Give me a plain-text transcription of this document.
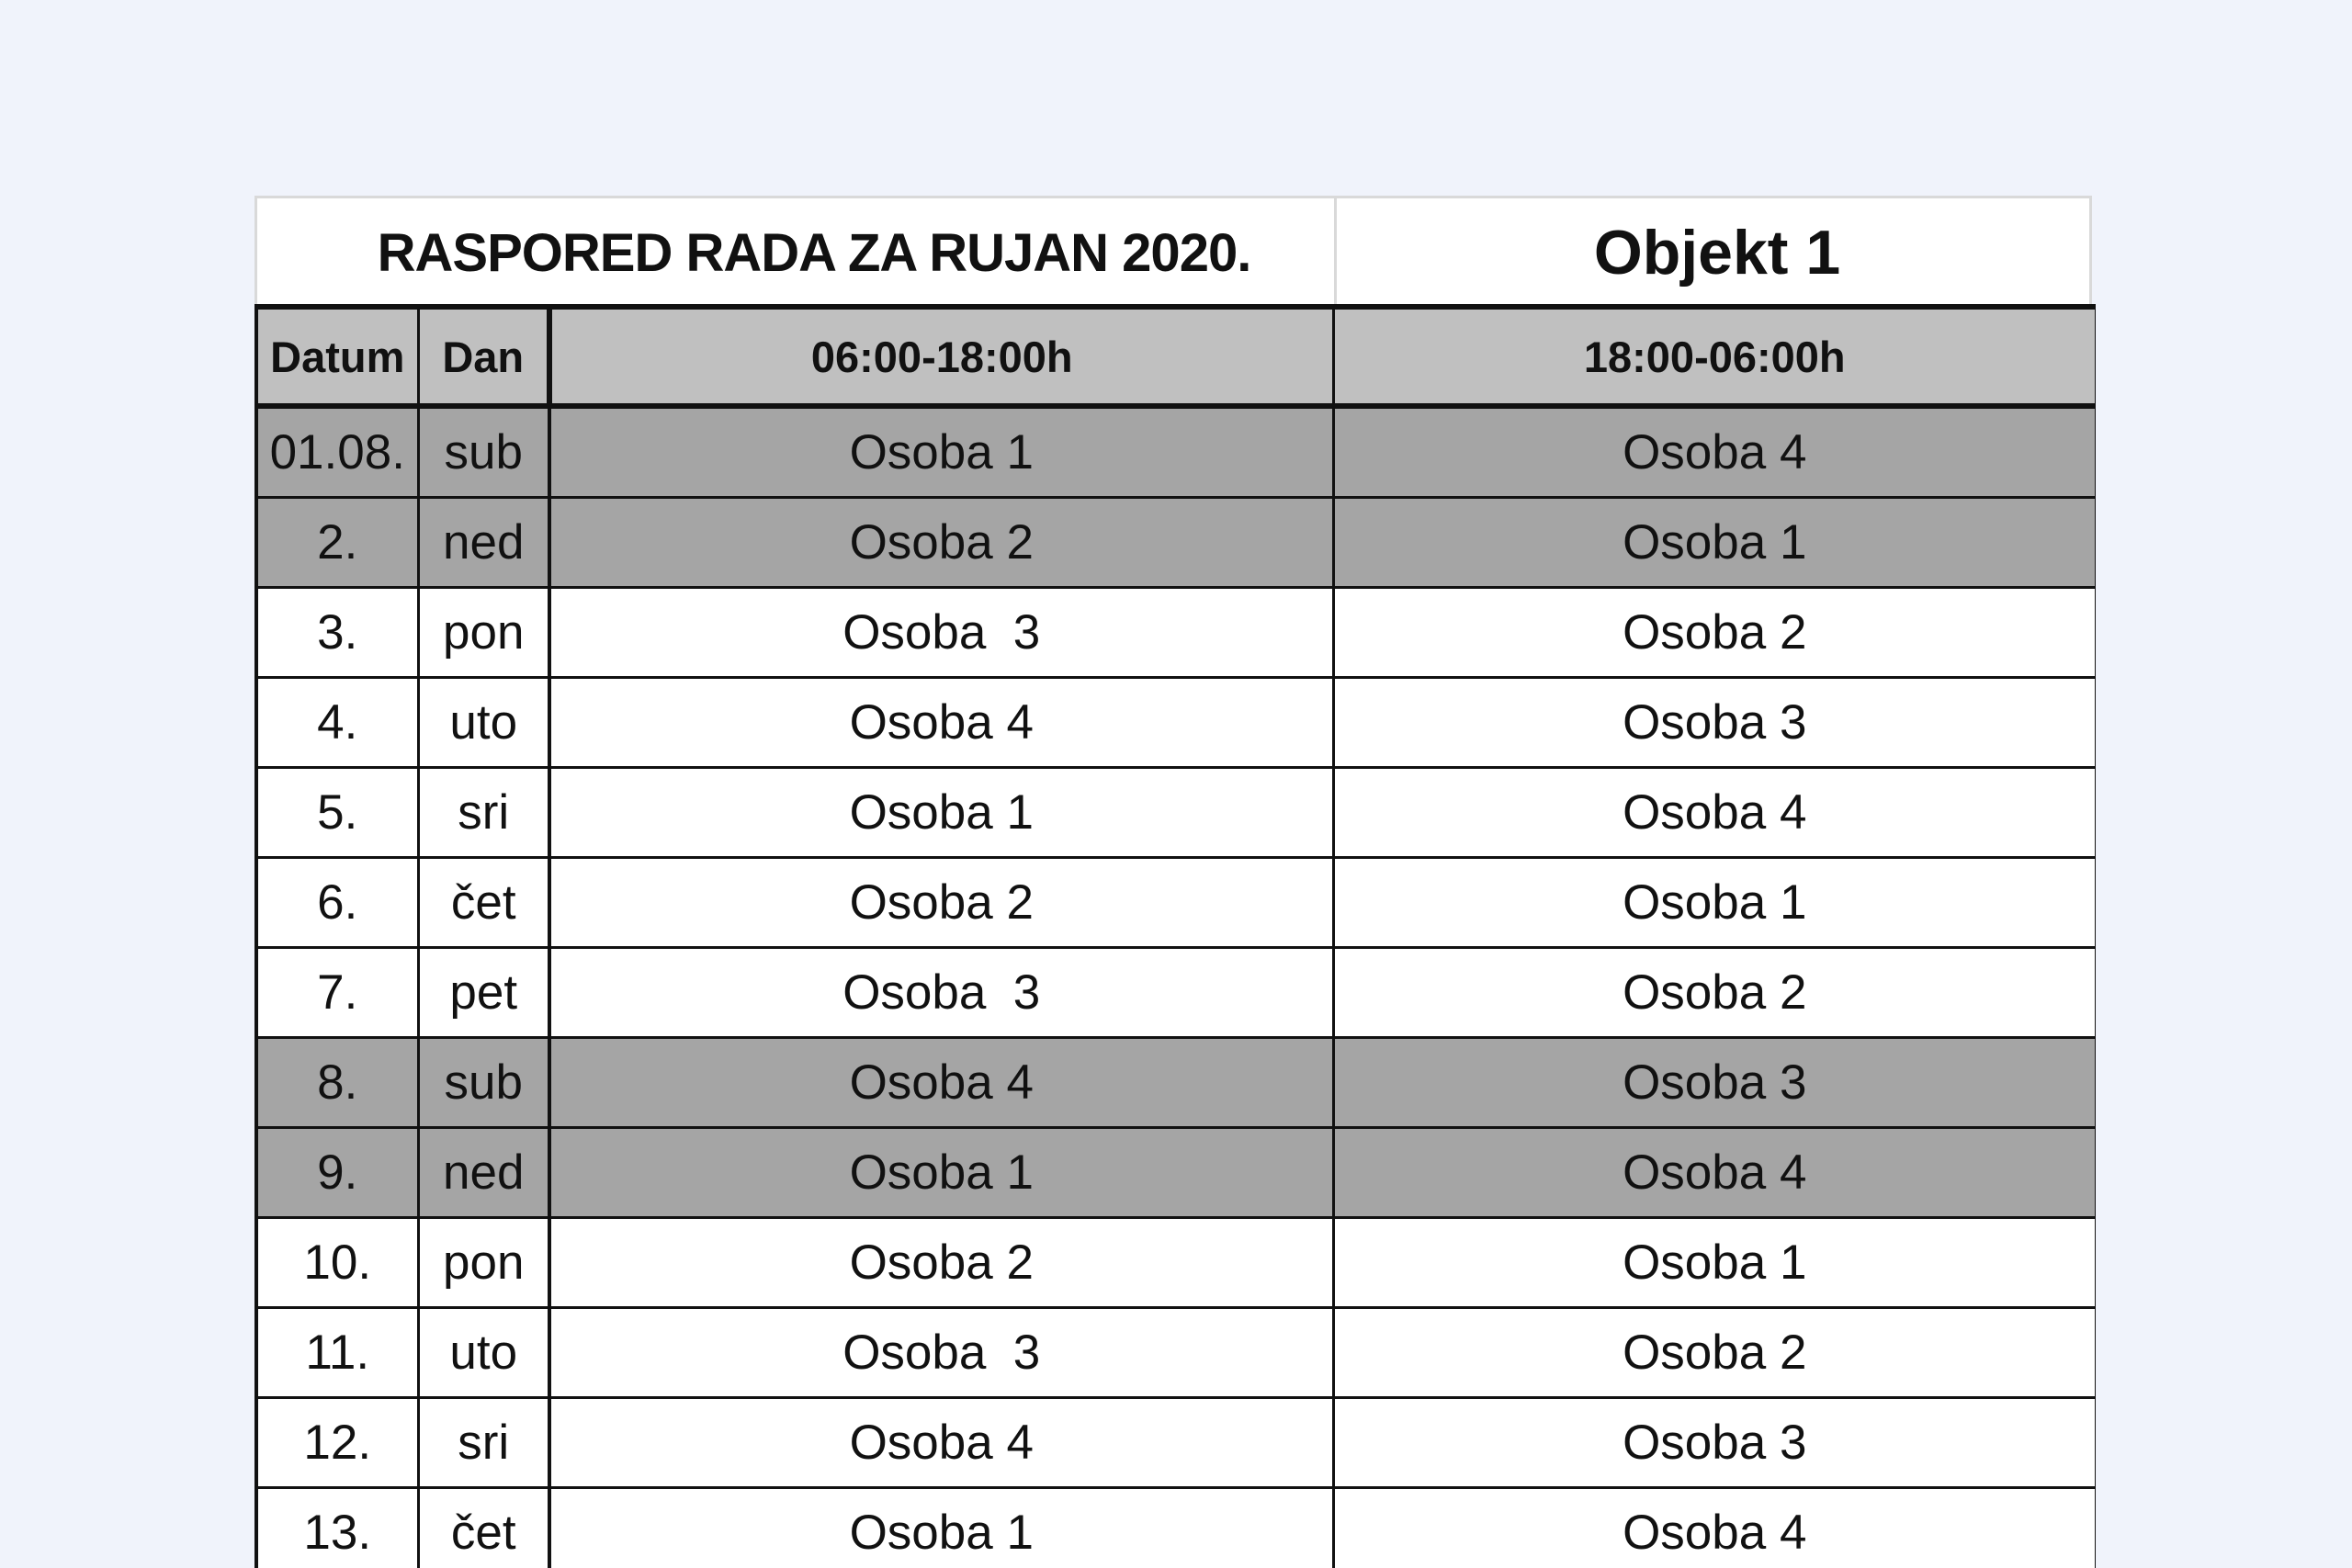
RASPORED RADA ZA RUJAN 2020.	Objekt 1
Datum	Dan	06:00-18:00h	18:00-06:00h
01.08.	sub	Osoba 1	Osoba 4
2.	ned	Osoba 2	Osoba 1
3.	pon	Osoba  3	Osoba 2
4.	uto	Osoba 4	Osoba 3
5.	sri	Osoba 1	Osoba 4
6.	čet	Osoba 2	Osoba 1
7.	pet	Osoba  3	Osoba 2
8.	sub	Osoba 4	Osoba 3
9.	ned	Osoba 1	Osoba 4
10.	pon	Osoba 2	Osoba 1
11.	uto	Osoba  3	Osoba 2
12.	sri	Osoba 4	Osoba 3
13.	čet	Osoba 1	Osoba 4
